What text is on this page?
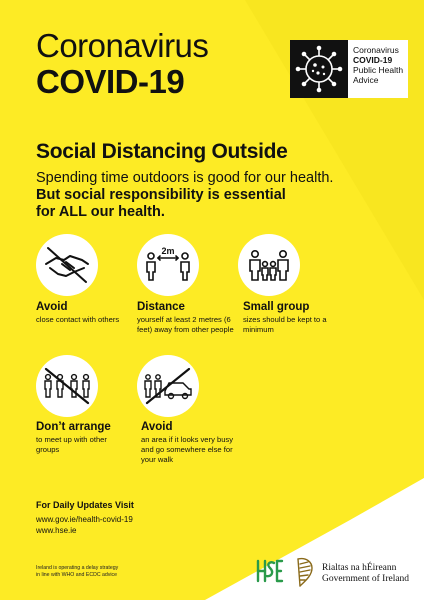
Coronavirus
COVID-19
Coronavirus
COVID-19
Public Health
Advice
Social Distancing Outside
Spending time outdoors is good for our health.
But social responsibility is essential for ALL our health.
Avoid
close contact with others
2m
Distance
yourself at least 2 metres (6 feet) away from other people
Small group
sizes should be kept to a minimum
Don’t arrange
to meet up with other groups
Avoid
an area if it looks very busy and go somewhere else for your walk
For Daily Updates Visit
www.gov.ie/health-covid-19
www.hse.ie
Ireland is operating a delay strategy
in line with WHO and ECDC advice
Rialtas na hÉireann
Government of Ireland
